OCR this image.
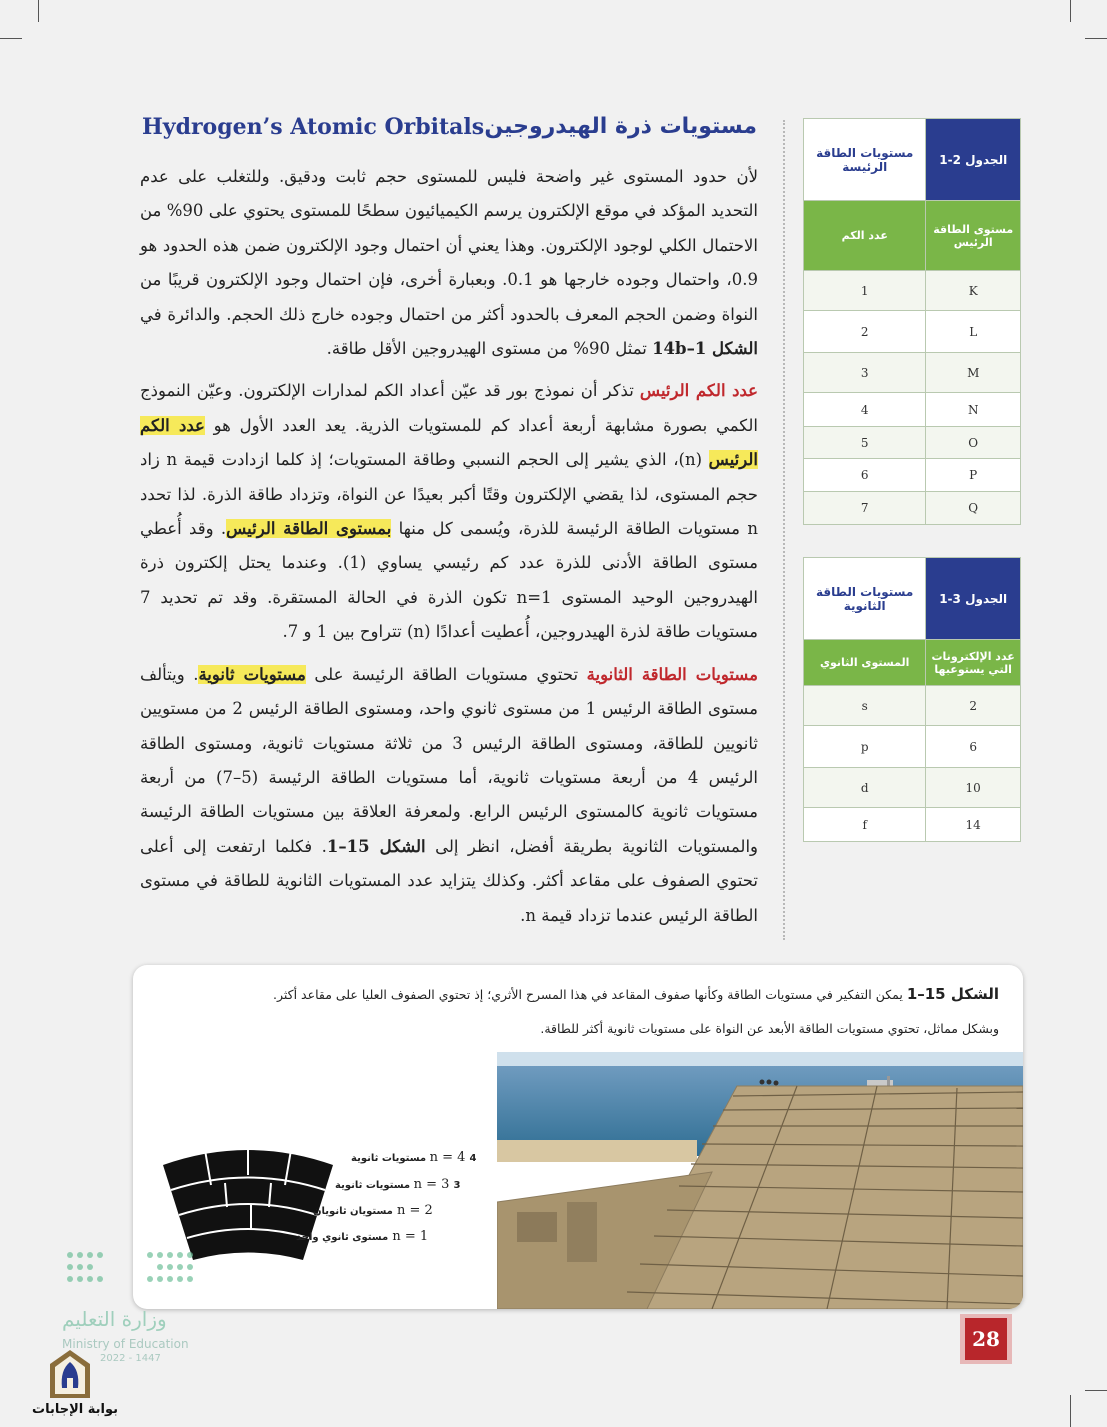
Hydrogen’s Atomic Orbitals مستويات ذرة الهيدروجين

لأن حدود المستوى غير واضحة فليس للمستوى حجم ثابت ودقيق. وللتغلب على عدم التحديد المؤكد في موقع الإلكترون يرسم الكيميائيون سطحًا للمستوى يحتوي على 90% من الاحتمال الكلي لوجود الإلكترون. وهذا يعني أن احتمال وجود الإلكترون ضمن هذه الحدود هو 0.9، واحتمال وجوده خارجها هو 0.1. وبعبارة أخرى، فإن احتمال وجود الإلكترون قريبًا من النواة وضمن الحجم المعرف بالحدود أكثر من احتمال وجوده خارج ذلك الحجم. والدائرة في الشكل 14b–1 تمثل 90% من مستوى الهيدروجين الأقل طاقة.

عدد الكم الرئيس تذكر أن نموذج بور قد عيّن أعداد الكم لمدارات الإلكترون. وعيّن النموذج الكمي بصورة مشابهة أربعة أعداد كم للمستويات الذرية. يعد العدد الأول هو عدد الكم الرئيس (n)، الذي يشير إلى الحجم النسبي وطاقة المستويات؛ إذ كلما ازدادت قيمة n زاد حجم المستوى، لذا يقضي الإلكترون وقتًا أكبر بعيدًا عن النواة، وتزداد طاقة الذرة. لذا تحدد n مستويات الطاقة الرئيسة للذرة، ويُسمى كل منها بمستوى الطاقة الرئيس. وقد أُعطي مستوى الطاقة الأدنى للذرة عدد كم رئيسي يساوي (1). وعندما يحتل إلكترون ذرة الهيدروجين الوحيد المستوى n=1 تكون الذرة في الحالة المستقرة. وقد تم تحديد 7 مستويات طاقة لذرة الهيدروجين، أُعطيت أعدادًا (n) تتراوح بين 1 و 7.

مستويات الطاقة الثانوية تحتوي مستويات الطاقة الرئيسة على مستويات ثانوية. ويتألف مستوى الطاقة الرئيس 1 من مستوى ثانوي واحد، ومستوى الطاقة الرئيس 2 من مستويين ثانويين للطاقة، ومستوى الطاقة الرئيس 3 من ثلاثة مستويات ثانوية، ومستوى الطاقة الرئيس 4 من أربعة مستويات ثانوية، أما مستويات الطاقة الرئيسة (5–7) من أربعة مستويات ثانوية كالمستوى الرئيس الرابع. ولمعرفة العلاقة بين مستويات الطاقة الرئيسة والمستويات الثانوية بطريقة أفضل، انظر إلى الشكل 15–1. فكلما ارتفعت إلى أعلى تحتوي الصفوف على مقاعد أكثر. وكذلك يتزايد عدد المستويات الثانوية للطاقة في مستوى الطاقة الرئيس عندما تزداد قيمة n.

مستويات الطاقة الرئيسة	الجدول 2-1
عدد الكم	مستوى الطاقة الرئيس
1	K
2	L
3	M
4	N
5	O
6	P
7	Q
مستويات الطاقة الثانوية	الجدول 3-1
المستوى الثانوي	عدد الإلكترونات التي يستوعبها
s	2
p	6
d	10
f	14
الشكل 15–1 يمكن التفكير في مستويات الطاقة وكأنها صفوف المقاعد في هذا المسرح الأثري؛ إذ تحتوي الصفوف العليا على مقاعد أكثر.
وبشكل مماثل، تحتوي مستويات الطاقة الأبعد عن النواة على مستويات ثانوية أكثر للطاقة.
n = 4 4 مستويات ثانوية
n = 3 3 مستويات ثانوية
n = 2 مستويان ثانويان
n = 1 مستوى ثانوي واحد
وزارة التعليم
Ministry of Education
2022 - 1447
28
بوابة الإجابات
